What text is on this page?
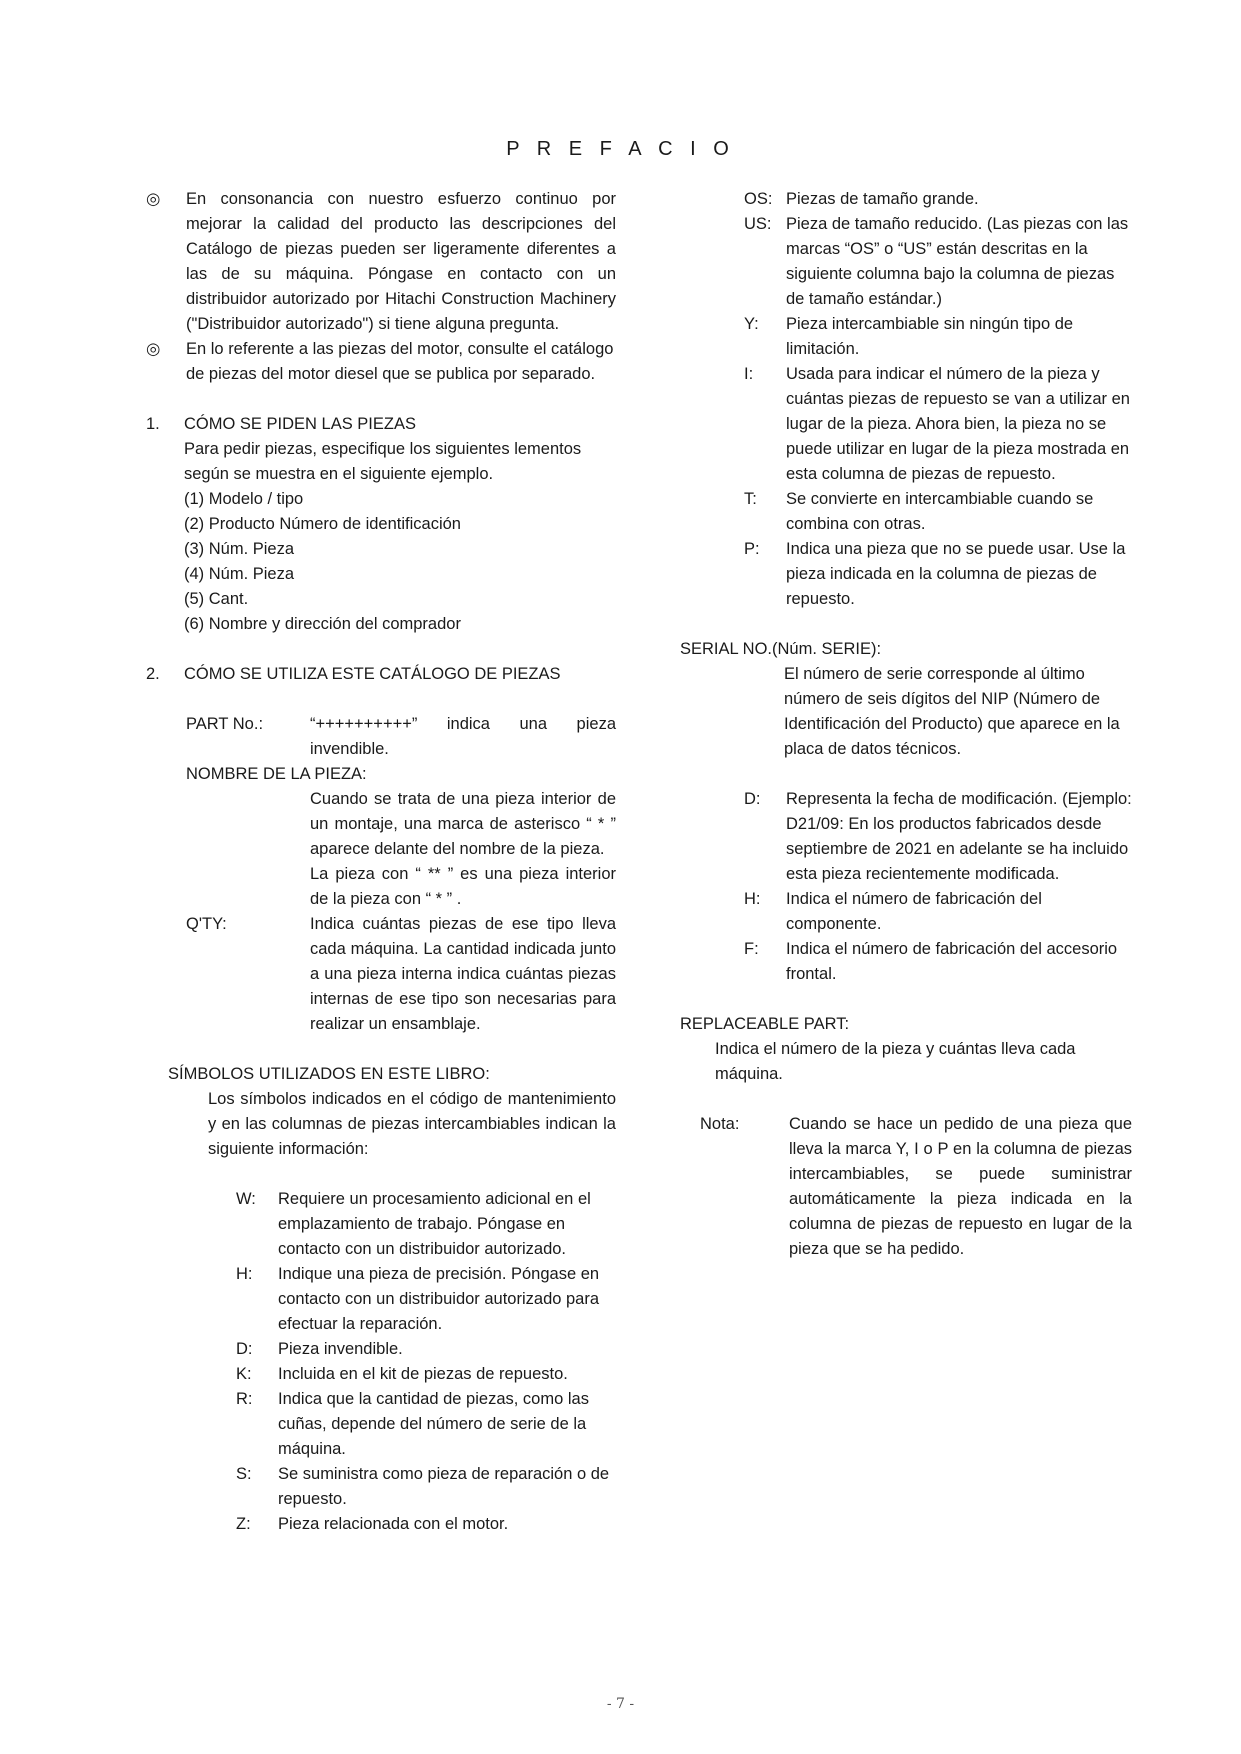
P R E F A C I O
◎	En consonancia con nuestro esfuerzo continuo por mejorar la calidad del producto las descripciones del Catálogo de piezas pueden ser ligeramente diferentes a las de su máquina. Póngase en contacto con un distribuidor autorizado por Hitachi Construction Machinery ("Distribuidor autorizado") si tiene alguna pregunta.
◎	En lo referente a las piezas del motor, consulte el catálogo de piezas del motor diesel que se publica por separado.
1.	CÓMO SE PIDEN LAS PIEZAS
Para pedir piezas, especifique los siguientes lementos según se muestra en el siguiente ejemplo.
(1) Modelo / tipo
(2) Producto Número de identificación
(3) Núm. Pieza
(4) Núm. Pieza
(5) Cant.
(6) Nombre y dirección del comprador
2.	CÓMO SE UTILIZA ESTE CATÁLOGO DE PIEZAS
PART No.:	“++++++++++” indica una pieza invendible.
NOMBRE DE LA PIEZA:
Cuando se trata de una pieza interior de un montaje, una marca de asterisco “ * ” aparece delante del nombre de la pieza.
La pieza con “ ** ” es una pieza interior de la pieza con “ * ” .
Q'TY:	Indica cuántas piezas de ese tipo lleva cada máquina. La cantidad indicada junto a una pieza interna indica cuántas piezas internas de ese tipo son necesarias para realizar un ensamblaje.
SÍMBOLOS UTILIZADOS EN ESTE LIBRO:
Los símbolos indicados en el código de mantenimiento y en las columnas de piezas intercambiables indican la siguiente información:
W:	Requiere un procesamiento adicional en el emplazamiento de trabajo. Póngase en contacto con un distribuidor autorizado.
H:	Indique una pieza de precisión. Póngase en contacto con un distribuidor autorizado para efectuar la reparación.
D:	Pieza invendible.
K:	Incluida en el kit de piezas de repuesto.
R:	Indica que la cantidad de piezas, como las cuñas, depende del número de serie de la máquina.
S:	Se suministra como pieza de reparación o de repuesto.
Z:	Pieza relacionada con el motor.
OS: Piezas de tamaño grande.
US: Pieza de tamaño reducido. (Las piezas con las marcas “OS” o “US” están descritas en la siguiente columna bajo la columna de piezas de tamaño estándar.)
Y:	Pieza intercambiable sin ningún tipo de limitación.
I:	Usada para indicar el número de la pieza y cuántas piezas de repuesto se van a utilizar en lugar de la pieza. Ahora bien, la pieza no se puede utilizar en lugar de la pieza mostrada en esta columna de piezas de repuesto.
T:	Se convierte en intercambiable cuando se combina con otras.
P:	Indica una pieza que no se puede usar. Use la pieza indicada en la columna de piezas de repuesto.
SERIAL NO.(Núm. SERIE):
El número de serie corresponde al último número de seis dígitos del NIP (Número de Identificación del Producto) que aparece en la placa de datos técnicos.
D:	Representa la fecha de modificación. (Ejemplo: D21/09: En los productos fabricados desde septiembre de 2021 en adelante se ha incluido esta pieza recientemente modificada.
H:	Indica el número de fabricación del componente.
F:	Indica el número de fabricación del accesorio frontal.
REPLACEABLE PART:
Indica el número de la pieza y cuántas lleva cada máquina.
Nota:	Cuando se hace un pedido de una pieza que lleva la marca Y, I o P en la columna de piezas intercambiables, se puede suministrar automáticamente la pieza indicada en la columna de piezas de repuesto en lugar de la pieza que se ha pedido.
- 7 -
